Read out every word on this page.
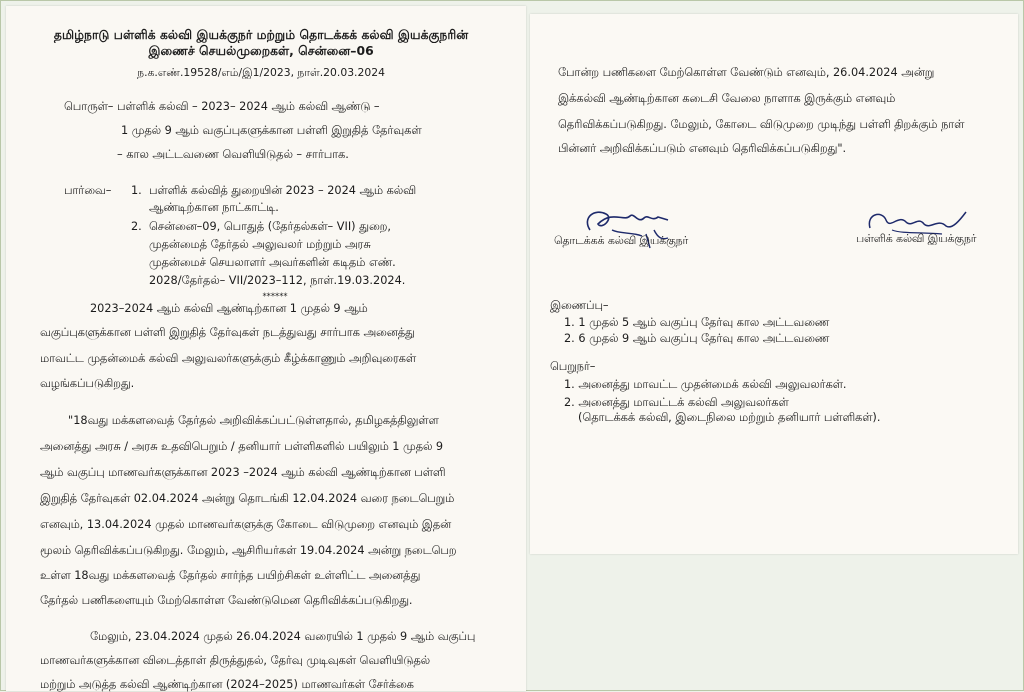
தமிழ்நாடு பள்ளிக் கல்வி இயக்குநர் மற்றும் தொடக்கக் கல்வி இயக்குநரின்
இணைச் செயல்முறைகள், சென்னை–06
ந.க.எண்.19528/எம்/இ1/2023, நாள்.20.03.2024
பொருள்– பள்ளிக் கல்வி – 2023– 2024 ஆம் கல்வி ஆண்டு –
1 முதல் 9 ஆம் வகுப்புகளுக்கான பள்ளி இறுதித் தேர்வுகள்
– கால அட்டவணை வெளியிடுதல் – சார்பாக.
பார்வை– 1. பள்ளிக் கல்வித் துறையின் 2023 – 2024 ஆம் கல்வி
ஆண்டிற்கான நாட்காட்டி.
2. சென்னை–09, பொதுத் (தேர்தல்கள்– VII) துறை,
முதன்மைத் தேர்தல் அலுவலர் மற்றும் அரசு
முதன்மைச் செயலாளர் அவர்களின் கடிதம் எண்.
2028/தேர்தல்– VII/2023–112, நாள்.19.03.2024.
******
2023–2024 ஆம் கல்வி ஆண்டிற்கான 1 முதல் 9 ஆம்
வகுப்புகளுக்கான பள்ளி இறுதித் தேர்வுகள் நடத்துவது சார்பாக அனைத்து
மாவட்ட முதன்மைக் கல்வி அலுவலர்களுக்கும் கீழ்க்காணும் அறிவுரைகள்
வழங்கப்படுகிறது.
"18வது மக்களவைத் தேர்தல் அறிவிக்கப்பட்டுள்ளதால், தமிழகத்திலுள்ள
அனைத்து அரசு / அரசு உதவிபெறும் / தனியார் பள்ளிகளில் பயிலும் 1 முதல் 9
ஆம் வகுப்பு மாணவர்களுக்கான 2023 –2024 ஆம் கல்வி ஆண்டிற்கான பள்ளி
இறுதித் தேர்வுகள் 02.04.2024 அன்று தொடங்கி 12.04.2024 வரை நடைபெறும்
எனவும், 13.04.2024 முதல் மாணவர்களுக்கு கோடை விடுமுறை எனவும் இதன்
மூலம் தெரிவிக்கப்படுகிறது. மேலும், ஆசிரியர்கள் 19.04.2024 அன்று நடைபெற
உள்ள 18வது மக்களவைத் தேர்தல் சார்ந்த பயிற்சிகள் உள்ளிட்ட அனைத்து
தேர்தல் பணிகளையும் மேற்கொள்ள வேண்டுமென தெரிவிக்கப்படுகிறது.
மேலும், 23.04.2024 முதல் 26.04.2024 வரையில் 1 முதல் 9 ஆம் வகுப்பு
மாணவர்களுக்கான விடைத்தாள் திருத்துதல், தேர்வு முடிவுகள் வெளியிடுதல்
மற்றும் அடுத்த கல்வி ஆண்டிற்கான (2024–2025) மாணவர்கள் சேர்க்கை
போன்ற பணிகளை மேற்கொள்ள வேண்டும் எனவும், 26.04.2024 அன்று
இக்கல்வி ஆண்டிற்கான கடைசி வேலை நாளாக இருக்கும் எனவும்
தெரிவிக்கப்படுகிறது. மேலும், கோடை விடுமுறை முடிந்து பள்ளி திறக்கும் நாள்
பின்னர் அறிவிக்கப்படும் எனவும் தெரிவிக்கப்படுகிறது".
தொடக்கக் கல்வி இயக்குநர்	பள்ளிக் கல்வி இயக்குநர்
இணைப்பு–
1. 1 முதல் 5 ஆம் வகுப்பு தேர்வு கால அட்டவணை
2. 6 முதல் 9 ஆம் வகுப்பு தேர்வு கால அட்டவணை
பெறுநர்–
1. அனைத்து மாவட்ட முதன்மைக் கல்வி அலுவலர்கள்.
2. அனைத்து மாவட்டக் கல்வி அலுவலர்கள்
(தொடக்கக் கல்வி, இடைநிலை மற்றும் தனியார் பள்ளிகள்).
